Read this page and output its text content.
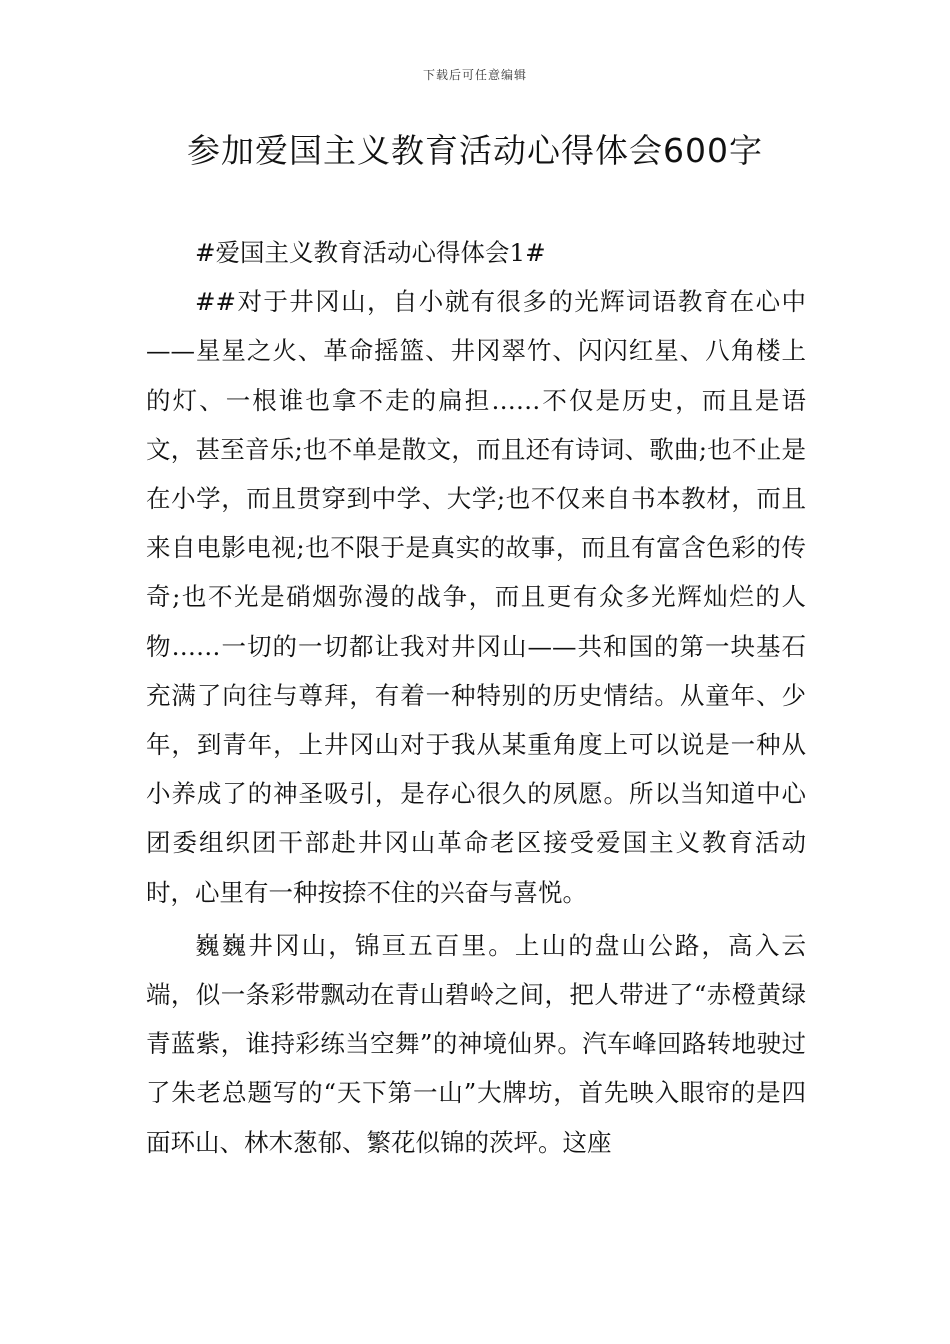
下载后可任意编辑
参加爱国主义教育活动心得体会600字

#爱国主义教育活动心得体会1#

##对于井冈山，自小就有很多的光辉词语教育在心中——星星之火、革命摇篮、井冈翠竹、闪闪红星、八角楼上的灯、一根谁也拿不走的扁担……不仅是历史，而且是语文，甚至音乐;也不单是散文，而且还有诗词、歌曲;也不止是在小学，而且贯穿到中学、大学;也不仅来自书本教材，而且来自电影电视;也不限于是真实的故事，而且有富含色彩的传奇;也不光是硝烟弥漫的战争，而且更有众多光辉灿烂的人物……一切的一切都让我对井冈山——共和国的第一块基石充满了向往与尊拜，有着一种特别的历史情结。从童年、少年，到青年，上井冈山对于我从某重角度上可以说是一种从小养成了的神圣吸引，是存心很久的夙愿。所以当知道中心团委组织团干部赴井冈山革命老区接受爱国主义教育活动时，心里有一种按捺不住的兴奋与喜悦。

巍巍井冈山，锦亘五百里。上山的盘山公路，高入云端，似一条彩带飘动在青山碧岭之间，把人带进了“赤橙黄绿青蓝紫，谁持彩练当空舞”的神境仙界。汽车峰回路转地驶过了朱老总题写的“天下第一山”大牌坊，首先映入眼帘的是四面环山、林木葱郁、繁花似锦的茨坪。这座
